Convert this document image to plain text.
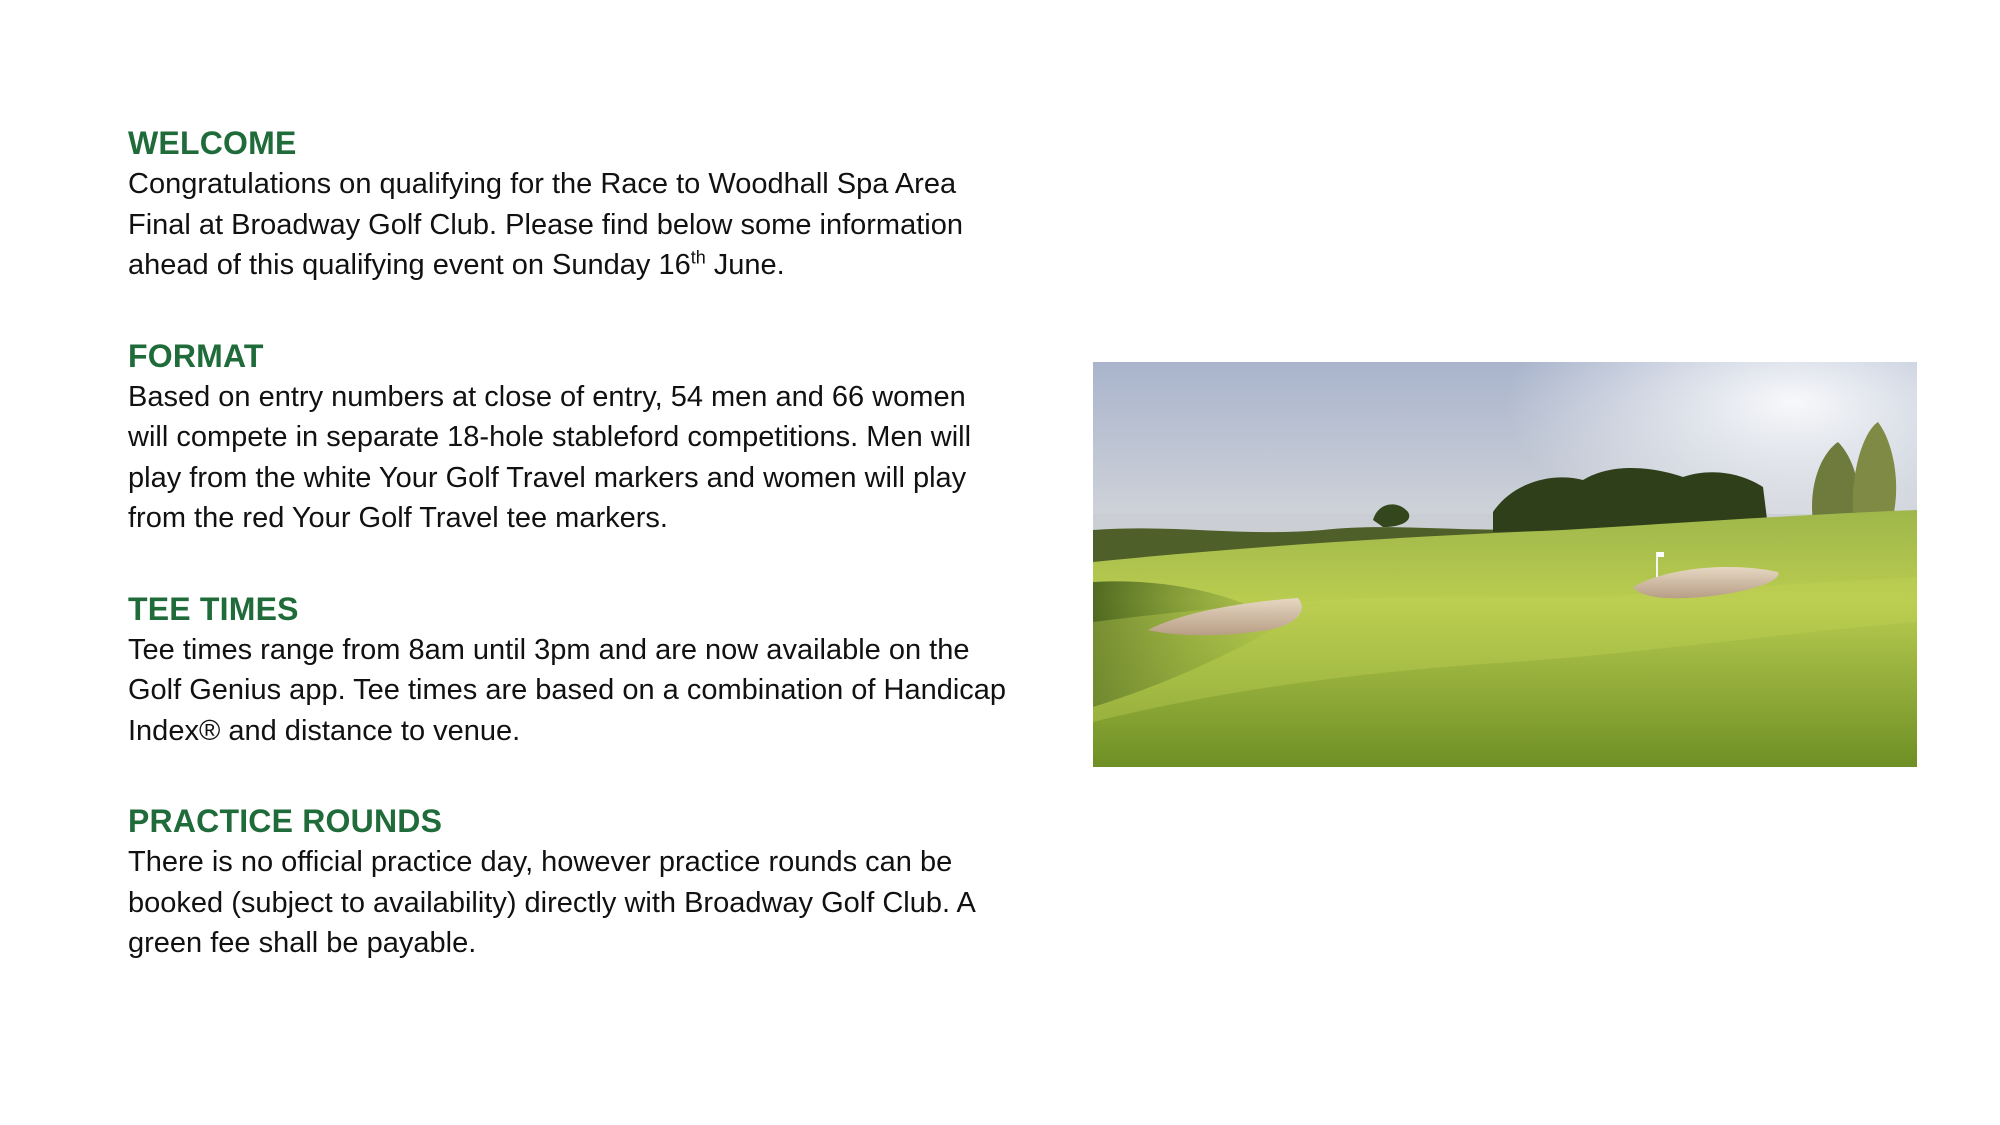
WELCOME

Congratulations on qualifying for the Race to Woodhall Spa Area Final at Broadway Golf Club. Please find below some information ahead of this qualifying event on Sunday 16th June.

FORMAT

Based on entry numbers at close of entry, 54 men and 66 women will compete in separate 18-hole stableford competitions. Men will play from the white Your Golf Travel markers and women will play from the red Your Golf Travel tee markers.

TEE TIMES

Tee times range from 8am until 3pm and are now available on the Golf Genius app. Tee times are based on a combination of Handicap Index® and distance to venue.

PRACTICE ROUNDS

There is no official practice day, however practice rounds can be booked (subject to availability) directly with Broadway Golf Club. A green fee shall be payable.
